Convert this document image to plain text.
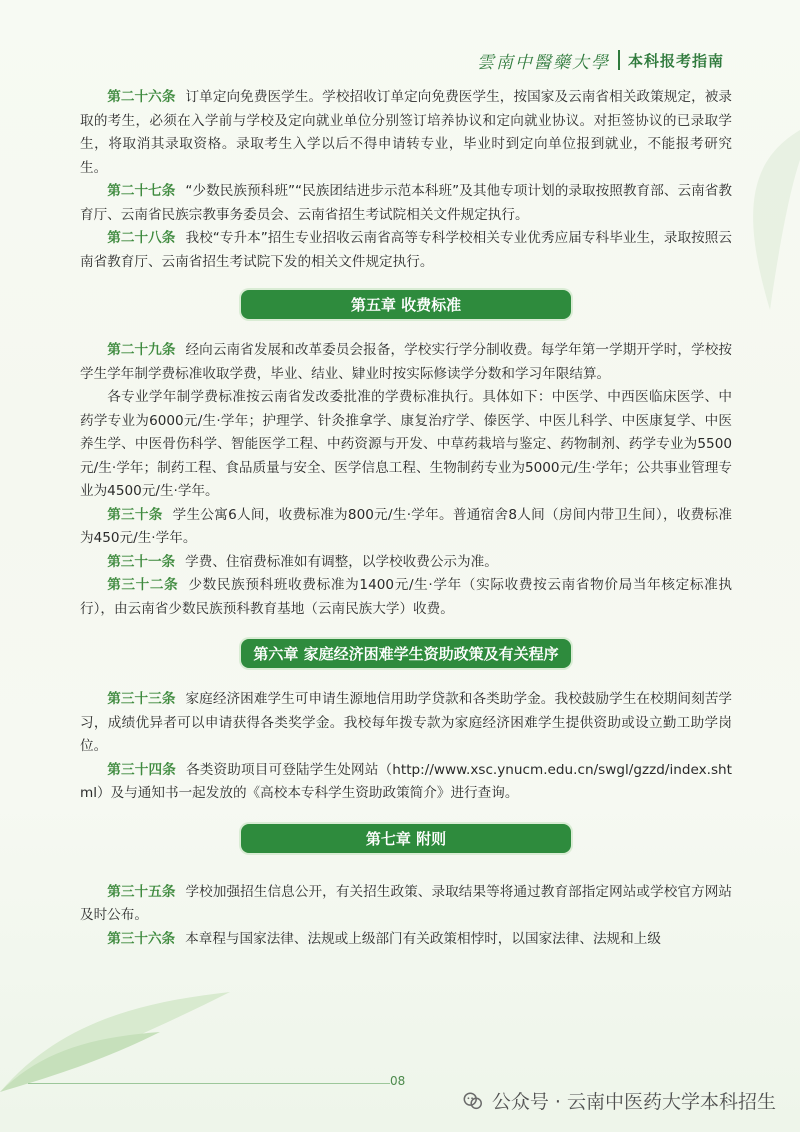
雲南中醫藥大學 本科报考指南

第二十六条 订单定向免费医学生。学校招收订单定向免费医学生，按国家及云南省相关政策规定，被录取的考生，必须在入学前与学校及定向就业单位分别签订培养协议和定向就业协议。对拒签协议的已录取学生，将取消其录取资格。录取考生入学以后不得申请转专业，毕业时到定向单位报到就业，不能报考研究生。

第二十七条 “少数民族预科班”“民族团结进步示范本科班”及其他专项计划的录取按照教育部、云南省教育厅、云南省民族宗教事务委员会、云南省招生考试院相关文件规定执行。

第二十八条 我校“专升本”招生专业招收云南省高等专科学校相关专业优秀应届专科毕业生，录取按照云南省教育厅、云南省招生考试院下发的相关文件规定执行。

第五章 收费标准

第二十九条 经向云南省发展和改革委员会报备，学校实行学分制收费。每学年第一学期开学时，学校按学生学年制学费标准收取学费，毕业、结业、肄业时按实际修读学分数和学习年限结算。

各专业学年制学费标准按云南省发改委批准的学费标准执行。具体如下：中医学、中西医临床医学、中药学专业为6000元/生·学年；护理学、针灸推拿学、康复治疗学、傣医学、中医儿科学、中医康复学、中医养生学、中医骨伤科学、智能医学工程、中药资源与开发、中草药栽培与鉴定、药物制剂、药学专业为5500元/生·学年；制药工程、食品质量与安全、医学信息工程、生物制药专业为5000元/生·学年；公共事业管理专业为4500元/生·学年。

第三十条 学生公寓6人间，收费标准为800元/生·学年。普通宿舍8人间（房间内带卫生间），收费标准为450元/生·学年。

第三十一条 学费、住宿费标准如有调整，以学校收费公示为准。

第三十二条 少数民族预科班收费标准为1400元/生·学年（实际收费按云南省物价局当年核定标准执行），由云南省少数民族预科教育基地（云南民族大学）收费。

第六章 家庭经济困难学生资助政策及有关程序

第三十三条 家庭经济困难学生可申请生源地信用助学贷款和各类助学金。我校鼓励学生在校期间刻苦学习，成绩优异者可以申请获得各类奖学金。我校每年拨专款为家庭经济困难学生提供资助或设立勤工助学岗位。

第三十四条 各类资助项目可登陆学生处网站（http://www.xsc.ynucm.edu.cn/swgl/gzzd/index.shtml）及与通知书一起发放的《高校本专科学生资助政策简介》进行查询。

第七章 附则

第三十五条 学校加强招生信息公开，有关招生政策、录取结果等将通过教育部指定网站或学校官方网站及时公布。

第三十六条 本章程与国家法律、法规或上级部门有关政策相悖时，以国家法律、法规和上级

08
公众号 · 云南中医药大学本科招生
